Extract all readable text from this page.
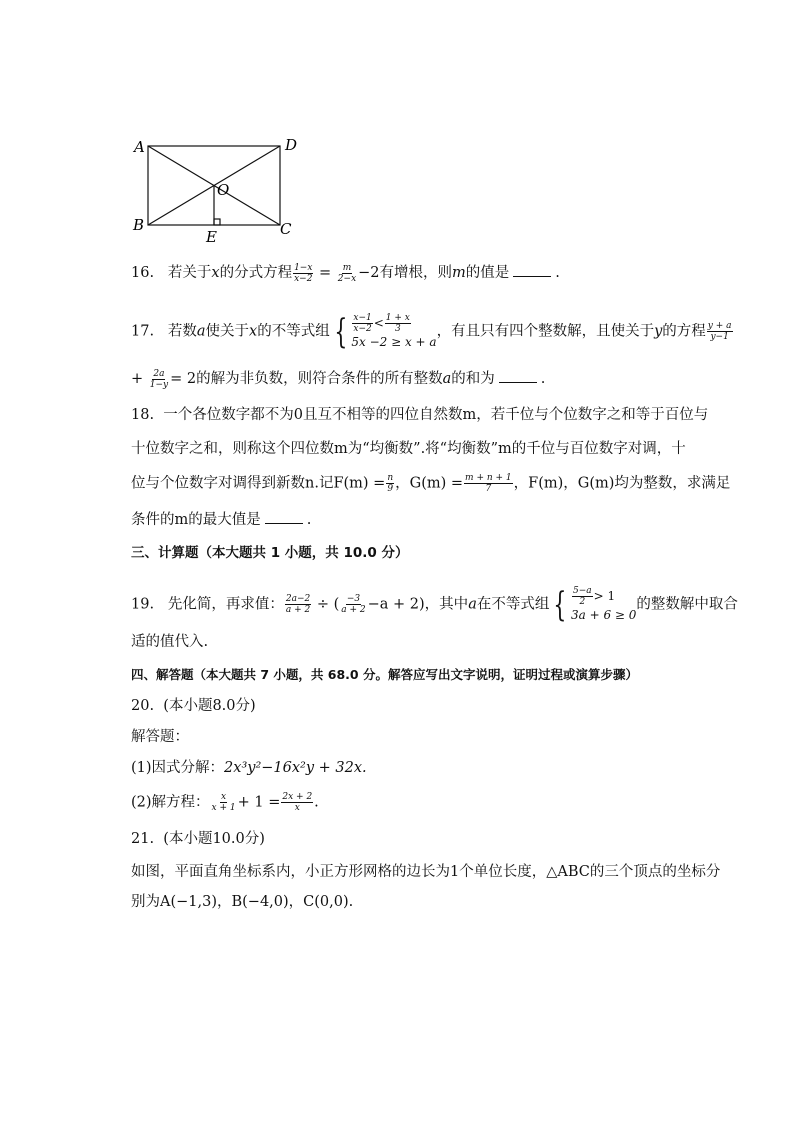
A	D
O
B
E	C
16. 若关于x的分式方程 $\frac{1-x}{x-2} = \frac{m}{2-x} -2$有增根，则m的值是	.
17. 若数a使关于x的不等式组 { $\frac{x-1}{x-2} < \frac{1 + x}{3}$
5x −2 ≥ x + a
，有且只有四个整数解，且使关于y的方程 $\frac{y + a}{y-1}$
+ $\frac{2a}{1-y} = 2$的解为非负数，则符合条件的所有整数a的和为	.
18. 一个各位数字都不为0且互不相等的四位自然数m，若千位与个位数字之和等于百位与
十位数字之和，则称这个四位数m为“均衡数”.将“均衡数”m的千位与百位数字对调，十
位与个位数字对调得到新数n.记$F(m) = \frac{n}{9}$ ，$G(m) = \frac{m + n + 1}{7}$ ，F(m)，G(m)均为整数，求满足
条件的m的最大值是	.
三、计算题（本大题共 1 小题，共 10.0 分）
19. 先化简，再求值： $\frac{2a-2}{a + 2}$ ÷ ( $\frac{-3}{a + 2} -a + 2$)，其中a在不等式组 { $\frac{5-a}{2} > 1$
3a + 6 ≥ 0
的整数解中取合
适的值代入.
四、解答题（本大题共 7 小题，共 68.0 分。解答应写出文字说明，证明过程或演算步骤）
20. (本小题8.0分)
解答题：
(1)因式分解：2x³y²−16x²y + 32x.
(2)解方程： $\frac{x}{x + 1} + 1 = \frac{2x + 2}{x}$ .
21. (本小题10.0分)
如图，平面直角坐标系内，小正方形网格的边长为1个单位长度，△ABC的三个顶点的坐标分
别为A(−1,3)，B(−4,0)，C(0,0).
